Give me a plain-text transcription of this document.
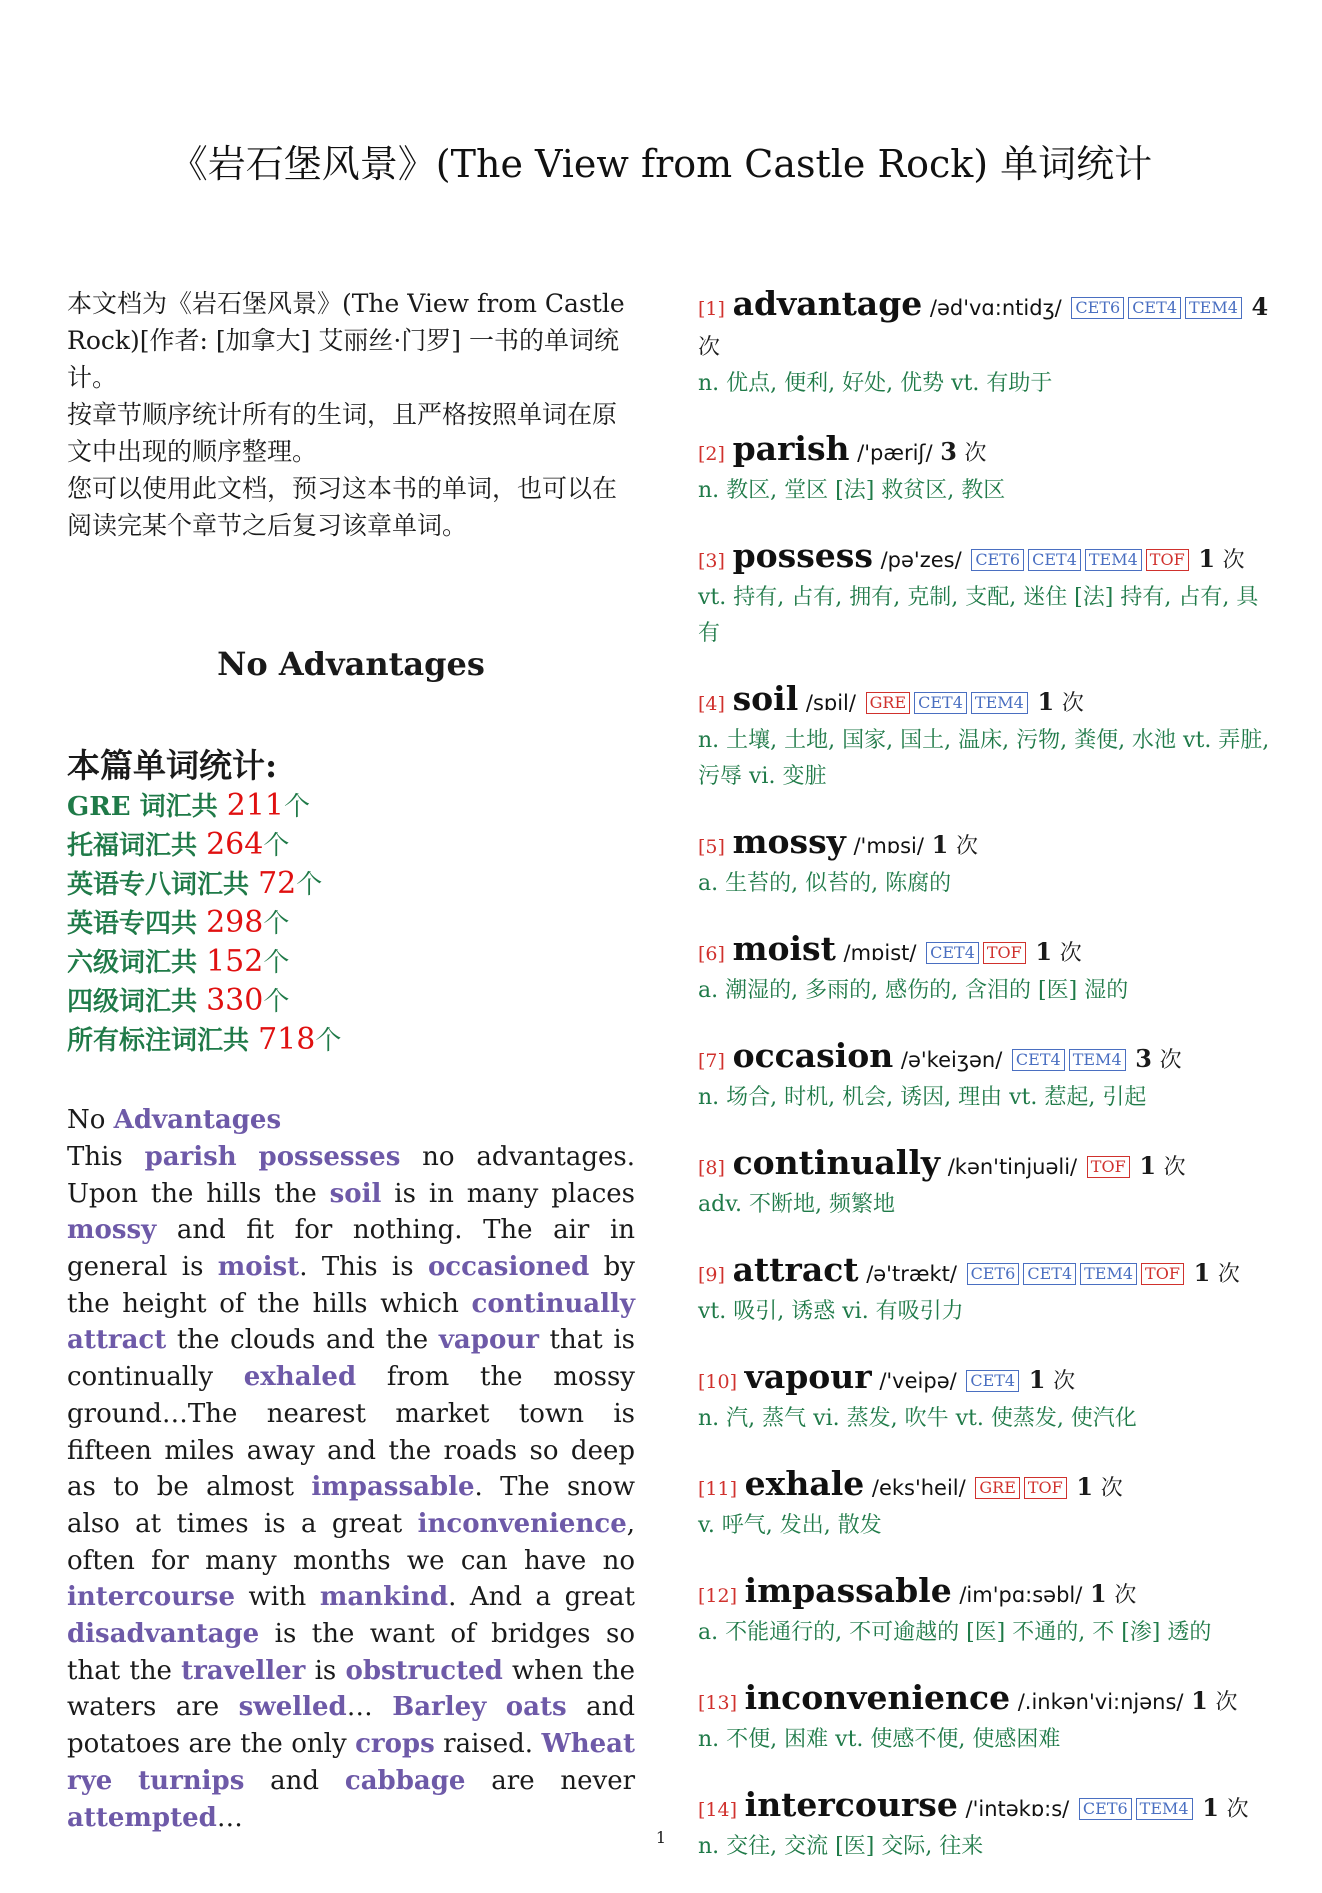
《岩石堡风景》(The View from Castle Rock) 单词统计

本文档为《岩石堡风景》(The View from Castle Rock)[作者: [加拿大] 艾丽丝·门罗] 一书的单词统计。

按章节顺序统计所有的生词，且严格按照单词在原文中出现的顺序整理。

您可以使用此文档，预习这本书的单词，也可以在阅读完某个章节之后复习该章单词。

No Advantages
本篇单词统计:
GRE 词汇共 211个
托福词汇共 264个
英语专八词汇共 72个
英语专四共 298个
六级词汇共 152个
四级词汇共 330个
所有标注词汇共 718个

No Advantages

This parish possesses no advantages. Upon the hills the soil is in many places mossy and fit for nothing. The air in general is moist. This is occasioned by the height of the hills which continually attract the clouds and the vapour that is continually exhaled from the mossy ground…The nearest market town is fifteen miles away and the roads so deep as to be almost impassable. The snow also at times is a great inconvenience, often for many months we can have no intercourse with mankind. And a great disadvantage is the want of bridges so that the traveller is obstructed when the waters are swelled… Barley oats and potatoes are the only crops raised. Wheat rye turnips and cabbage are never attempted…

[1] advantage /əd'vɑ:ntidʒ/ CET6 CET4 TEM4 4 次
n. 优点, 便利, 好处, 优势 vt. 有助于
[2] parish /'pæriʃ/ 3 次
n. 教区, 堂区 [法] 救贫区, 教区
[3] possess /pə'zes/ CET6 CET4 TEM4 TOF 1 次
vt. 持有, 占有, 拥有, 克制, 支配, 迷住 [法] 持有, 占有, 具有
[4] soil /sɒil/ GRE CET4 TEM4 1 次
n. 土壤, 土地, 国家, 国土, 温床, 污物, 粪便, 水池 vt. 弄脏, 污辱 vi. 变脏
[5] mossy /'mɒsi/ 1 次
a. 生苔的, 似苔的, 陈腐的
[6] moist /mɒist/ CET4 TOF 1 次
a. 潮湿的, 多雨的, 感伤的, 含泪的 [医] 湿的
[7] occasion /ə'keiʒən/ CET4 TEM4 3 次
n. 场合, 时机, 机会, 诱因, 理由 vt. 惹起, 引起
[8] continually /kən'tinjuəli/ TOF 1 次
adv. 不断地, 频繁地
[9] attract /ə'trækt/ CET6 CET4 TEM4 TOF 1 次
vt. 吸引, 诱惑 vi. 有吸引力
[10] vapour /'veipə/ CET4 1 次
n. 汽, 蒸气 vi. 蒸发, 吹牛 vt. 使蒸发, 使汽化
[11] exhale /eks'heil/ GRE TOF 1 次
v. 呼气, 发出, 散发
[12] impassable /im'pɑ:səbl/ 1 次
a. 不能通行的, 不可逾越的 [医] 不通的, 不 [渗] 透的
[13] inconvenience /.inkən'vi:njəns/ 1 次
n. 不便, 困难 vt. 使感不便, 使感困难
[14] intercourse /'intəkɒ:s/ CET6 TEM4 1 次
n. 交往, 交流 [医] 交际, 往来
1
